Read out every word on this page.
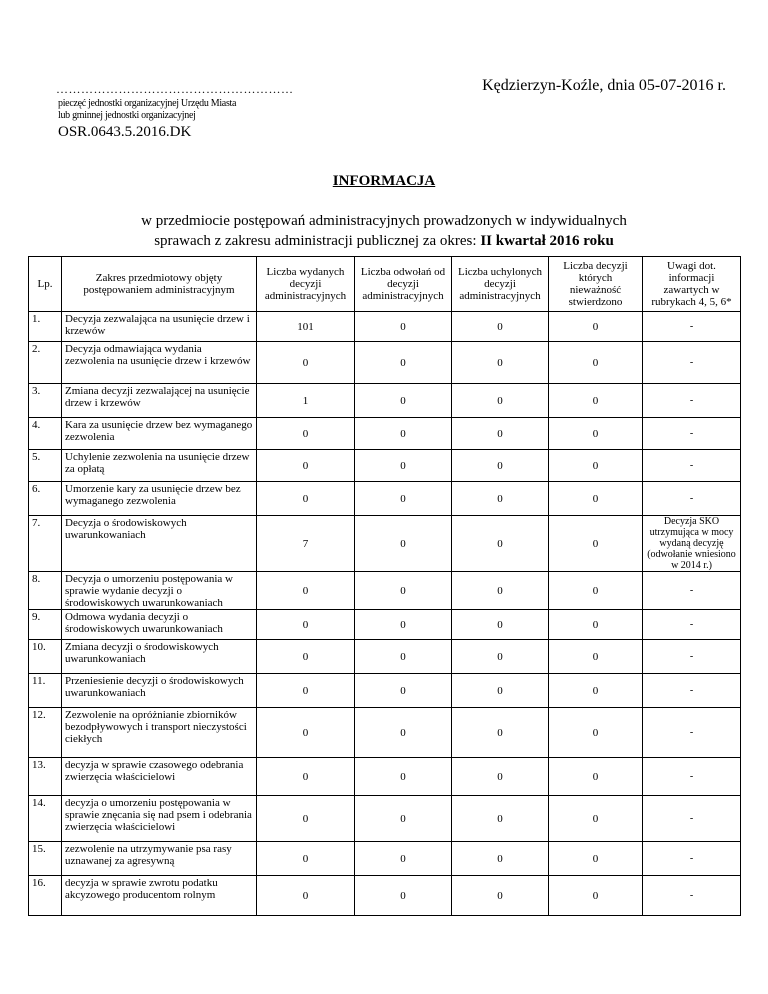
…………………………………………………	Kędzierzyn-Koźle, dnia 05-07-2016 r.
pieczęć jednostki organizacyjnej Urzędu Miasta
lub gminnej jednostki organizacyjnej
OSR.0643.5.2016.DK
INFORMACJA
w przedmiocie postępowań administracyjnych prowadzonych w indywidualnych
sprawach z zakresu administracji publicznej za okres: II kwartał 2016 roku
Lp.	Zakres przedmiotowy objęty postępowaniem administracyjnym	Liczba wydanych decyzji administracyjnych	Liczba odwołań od decyzji administracyjnych	Liczba uchylonych decyzji administracyjnych	Liczba decyzji których nieważność stwierdzono	Uwagi dot. informacji zawartych w rubrykach 4, 5, 6*
1.	Decyzja zezwalająca na usunięcie drzew i krzewów	101	0	0	0	-
2.	Decyzja odmawiająca wydania zezwolenia na usunięcie drzew i krzewów	0	0	0	0	-
3.	Zmiana decyzji zezwalającej na usunięcie drzew i krzewów	1	0	0	0	-
4.	Kara za usunięcie drzew bez wymaganego zezwolenia	0	0	0	0	-
5.	Uchylenie zezwolenia na usunięcie drzew za opłatą	0	0	0	0	-
6.	Umorzenie kary za usunięcie drzew bez wymaganego zezwolenia	0	0	0	0	-
7.	Decyzja o środowiskowych uwarunkowaniach	7	0	0	0	Decyzja SKO utrzymująca w mocy wydaną decyzję (odwołanie wniesiono w 2014 r.)
8.	Decyzja o umorzeniu postępowania w sprawie wydanie decyzji o środowiskowych uwarunkowaniach	0	0	0	0	-
9.	Odmowa wydania decyzji o środowiskowych uwarunkowaniach	0	0	0	0	-
10.	Zmiana decyzji o środowiskowych uwarunkowaniach	0	0	0	0	-
11.	Przeniesienie decyzji o środowiskowych uwarunkowaniach	0	0	0	0	-
12.	Zezwolenie na opróżnianie zbiorników bezodpływowych i transport nieczystości ciekłych	0	0	0	0	-
13.	decyzja w sprawie czasowego odebrania zwierzęcia właścicielowi	0	0	0	0	-
14.	decyzja o umorzeniu postępowania w sprawie znęcania się nad psem i odebrania zwierzęcia właścicielowi	0	0	0	0	-
15.	zezwolenie na utrzymywanie psa rasy uznawanej za agresywną	0	0	0	0	-
16.	decyzja w sprawie zwrotu podatku akcyzowego producentom rolnym	0	0	0	0	-
